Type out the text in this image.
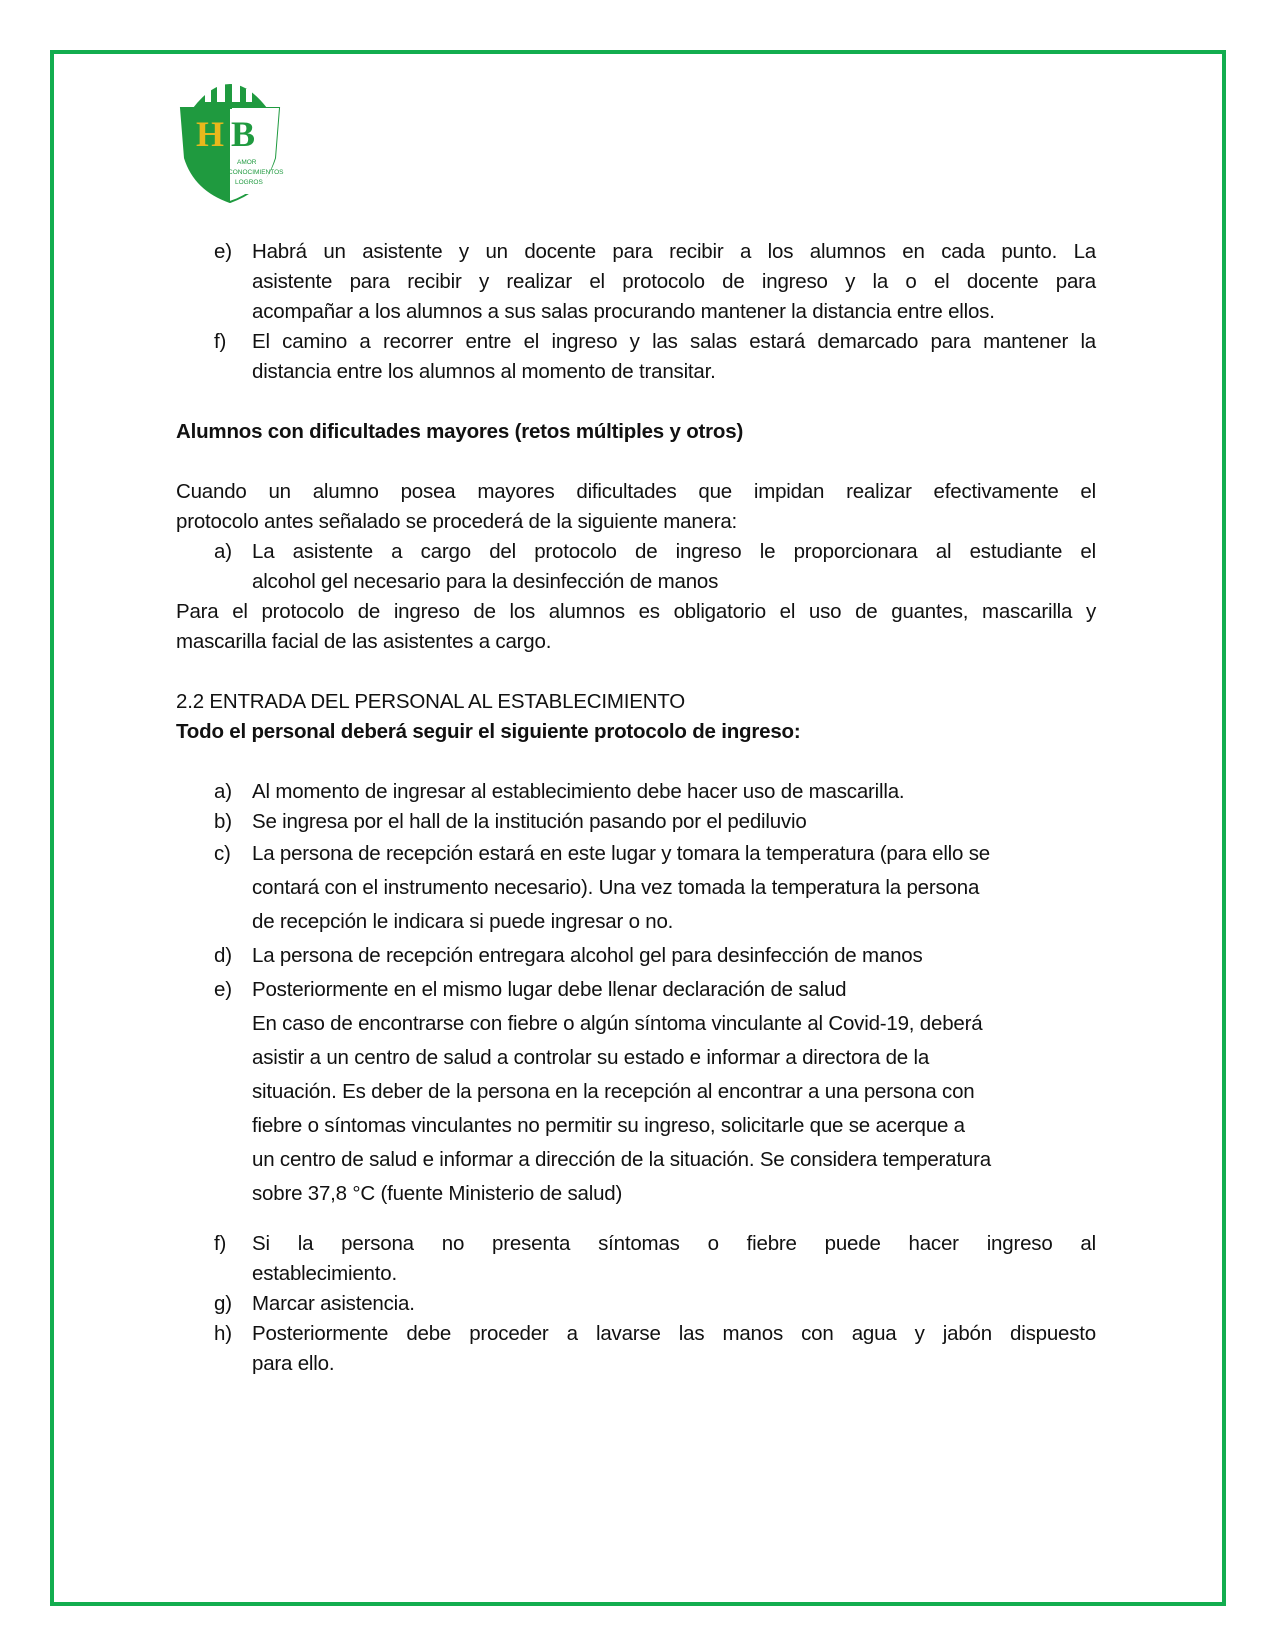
H B
AMOR
CONOCIMIENTOS
LOGROS
e) Habrá un asistente y un docente para recibir a los alumnos en cada punto. La
asistente para recibir y realizar el protocolo de ingreso y la o el docente para
acompañar a los alumnos a sus salas procurando mantener la distancia entre ellos.
f)	El camino a recorrer entre el ingreso y las salas estará demarcado para mantener la
distancia entre los alumnos al momento de transitar.
Alumnos con dificultades mayores (retos múltiples y otros)
Cuando un alumno posea mayores dificultades que impidan realizar efectivamente el
protocolo antes señalado se procederá de la siguiente manera:
a) La asistente a cargo del protocolo de ingreso le proporcionara al estudiante el
alcohol gel necesario para la desinfección de manos
Para el protocolo de ingreso de los alumnos es obligatorio el uso de guantes, mascarilla y
mascarilla facial de las asistentes a cargo.
2.2 ENTRADA DEL PERSONAL AL ESTABLECIMIENTO
Todo el personal deberá seguir el siguiente protocolo de ingreso:
a) Al momento de ingresar al establecimiento debe hacer uso de mascarilla.
b) Se ingresa por el hall de la institución pasando por el pediluvio
c)	La persona de recepción estará en este lugar y tomara la temperatura (para ello se
contará con el instrumento necesario). Una vez tomada la temperatura la persona
de recepción le indicara si puede ingresar o no.
d) La persona de recepción entregara alcohol gel para desinfección de manos
e) Posteriormente en el mismo lugar debe llenar declaración de salud
En caso de encontrarse con fiebre o algún síntoma vinculante al Covid-19, deberá
asistir a un centro de salud a controlar su estado e informar a directora de la
situación. Es deber de la persona en la recepción al encontrar a una persona con
fiebre o síntomas vinculantes no permitir su ingreso, solicitarle que se acerque a
un centro de salud e informar a dirección de la situación. Se considera temperatura
sobre 37,8 °C (fuente Ministerio de salud)
f)	Si la persona no presenta síntomas o fiebre puede hacer ingreso al
establecimiento.
g) Marcar asistencia.
h) Posteriormente debe proceder a lavarse las manos con agua y jabón dispuesto
para ello.
